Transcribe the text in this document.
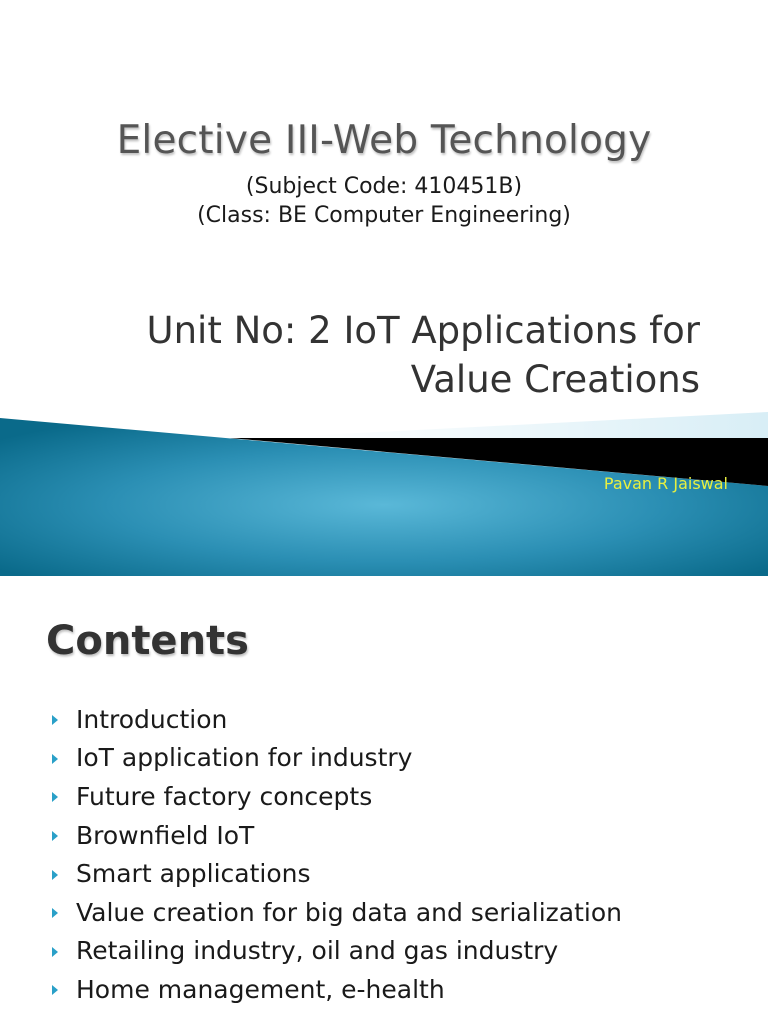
Elective III-Web Technology
(Subject Code: 410451B)
(Class: BE Computer Engineering)
Unit No: 2 IoT Applications for
Value Creations
Pavan R Jaiswal
Contents
Introduction
IoT application for industry
Future factory concepts
Brownfield IoT
Smart applications
Value creation for big data and serialization
Retailing industry, oil and gas industry
Home management, e-health
